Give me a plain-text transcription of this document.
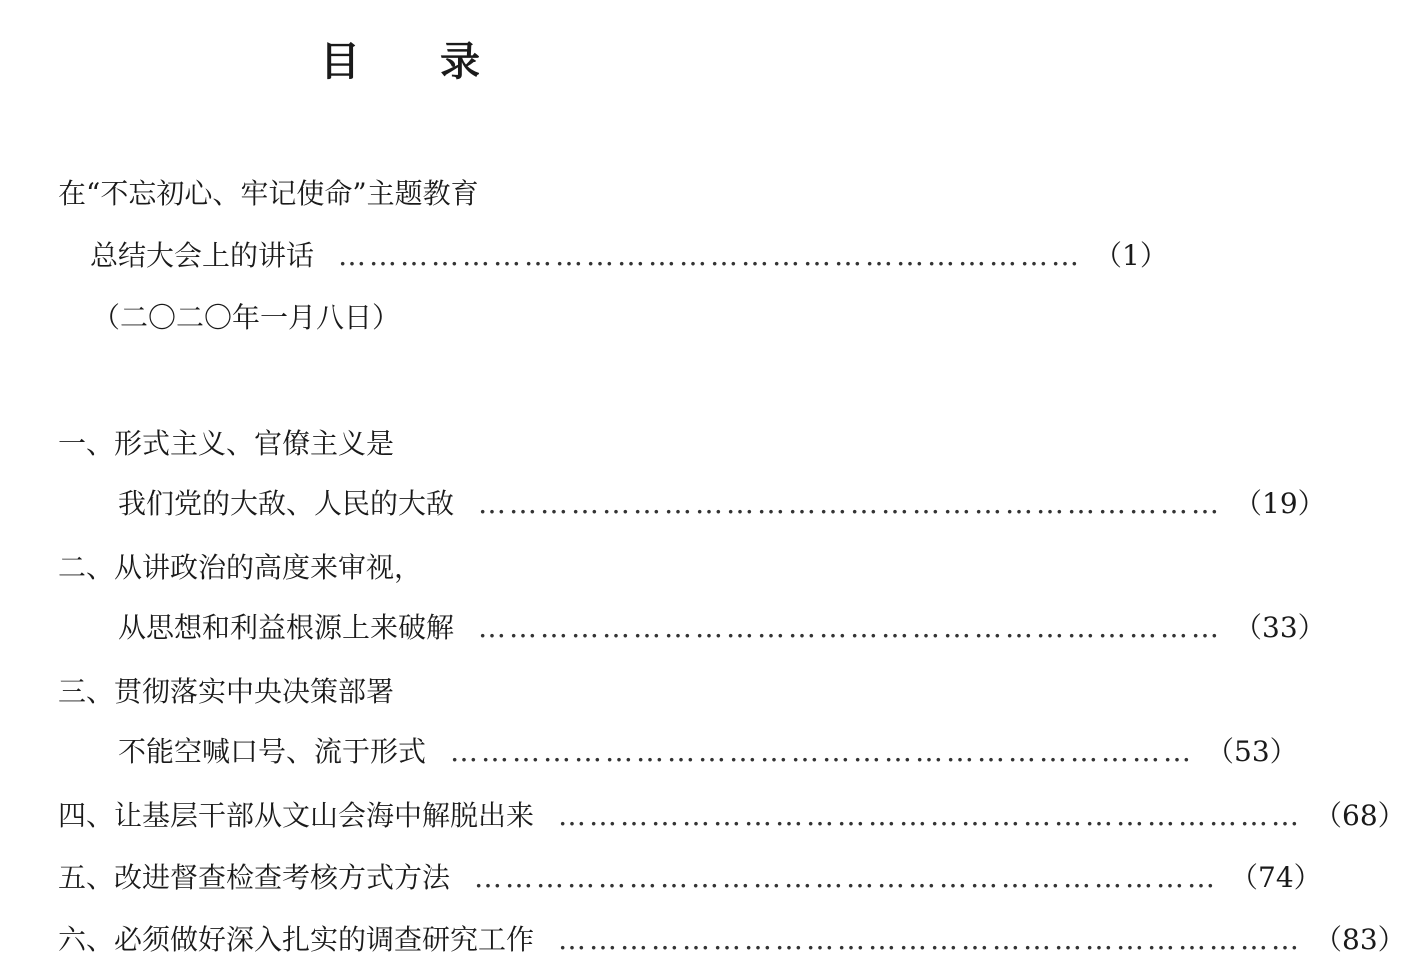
目 录
在“不忘初心、牢记使命”主题教育
总结大会上的讲话 ……………………………………………………………… （1）
（二〇二〇年一月八日）
一、形式主义、官僚主义是
我们党的大敌、人民的大敌 ……………………………………………………………… （19）
二、从讲政治的高度来审视，
从思想和利益根源上来破解 ……………………………………………………………… （33）
三、贯彻落实中央决策部署
不能空喊口号、流于形式 ……………………………………………………………… （53）
四、让基层干部从文山会海中解脱出来 ……………………………………………………………… （68）
五、改进督查检查考核方式方法 ……………………………………………………………… （74）
六、必须做好深入扎实的调查研究工作 ……………………………………………………………… （83）
